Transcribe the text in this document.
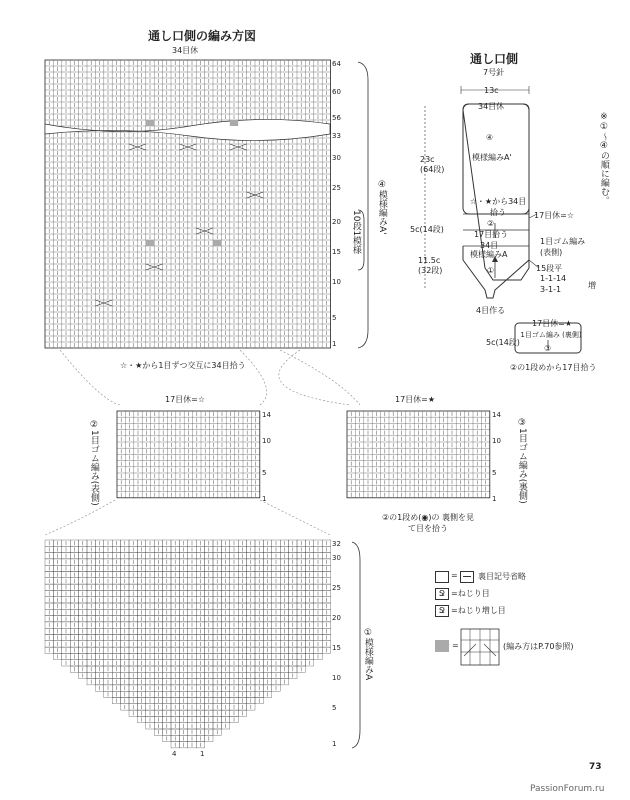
通し口側の編み方図
34目休
64
60
56
33
30
25
20
15
10
5
1
☆・★から1目ずつ交互に34目拾う
④模様編みA'
10段1模様
通し口側
7号針
13c
34目休
④
模様編みA'
☆・★から34目拾う
②
17目拾う
34目
模様編みA
①
4目作る
23c (64段)
5c(14段)
11.5c (32段)
17目休=☆
1目ゴム編み (表側)
15段平
1-1-14
3-1-1	増
※①～④の順に編む。
17目休=★
1目ゴム編み (裏側)
③
5c(14段)
②の1段めから17目拾う
17目休=☆
14
10
5
1
②1目ゴム編み(表側)
17目休=★
14
10
5
1 ③1目ゴム編み(裏側)
②の1段め(◉)の 裏側を見て目を拾う
32
30
25
20
15
10
5
1
4	1
①模様編みA
=	裏目記号省略
Ջ =ねじり目
Ջ =ねじり増し目
=	(編み方はP.70参照)
73
PassionForum.ru
